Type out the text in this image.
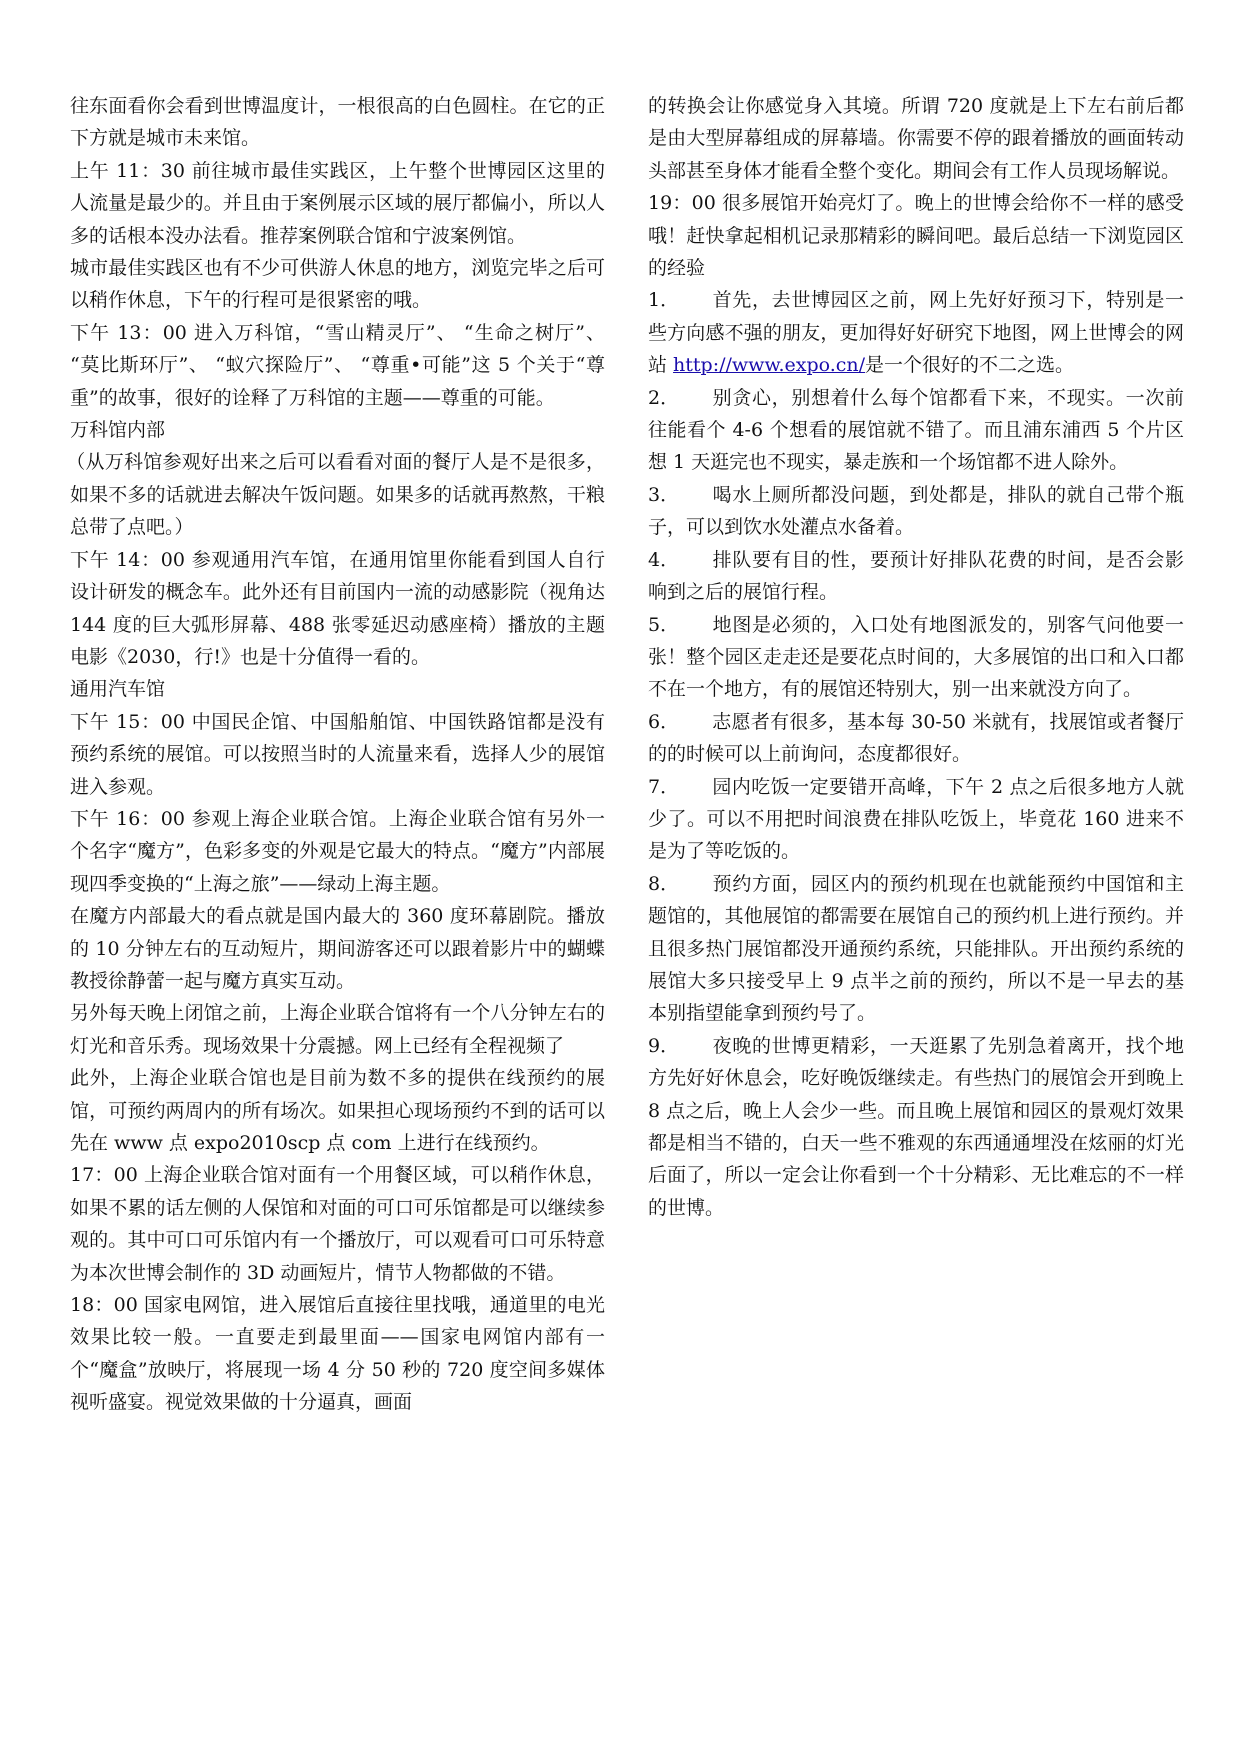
往东面看你会看到世博温度计，一根很高的白色圆柱。在它的正下方就是城市未来馆。

上午 11：30 前往城市最佳实践区，上午整个世博园区这里的人流量是最少的。并且由于案例展示区域的展厅都偏小，所以人多的话根本没办法看。推荐案例联合馆和宁波案例馆。

城市最佳实践区也有不少可供游人休息的地方，浏览完毕之后可以稍作休息，下午的行程可是很紧密的哦。

下午 13：00 进入万科馆，“雪山精灵厅”、 “生命之树厅”、 “莫比斯环厅”、 “蚁穴探险厅”、 “尊重•可能”这 5 个关于“尊重”的故事，很好的诠释了万科馆的主题——尊重的可能。

万科馆内部

（从万科馆参观好出来之后可以看看对面的餐厅人是不是很多，如果不多的话就进去解决午饭问题。如果多的话就再熬熬，干粮总带了点吧。）

下午 14：00 参观通用汽车馆，在通用馆里你能看到国人自行设计研发的概念车。此外还有目前国内一流的动感影院（视角达 144 度的巨大弧形屏幕、488 张零延迟动感座椅）播放的主题电影《2030，行!》也是十分值得一看的。

通用汽车馆

下午 15：00 中国民企馆、中国船舶馆、中国铁路馆都是没有预约系统的展馆。可以按照当时的人流量来看，选择人少的展馆进入参观。

下午 16：00 参观上海企业联合馆。上海企业联合馆有另外一个名字“魔方”，色彩多变的外观是它最大的特点。“魔方”内部展现四季变换的“上海之旅”——绿动上海主题。

在魔方内部最大的看点就是国内最大的 360 度环幕剧院。播放的 10 分钟左右的互动短片，期间游客还可以跟着影片中的蝴蝶教授徐静蕾一起与魔方真实互动。

另外每天晚上闭馆之前，上海企业联合馆将有一个八分钟左右的灯光和音乐秀。现场效果十分震撼。网上已经有全程视频了

此外，上海企业联合馆也是目前为数不多的提供在线预约的展馆，可预约两周内的所有场次。如果担心现场预约不到的话可以先在 www 点 expo2010scp 点 com 上进行在线预约。

17：00 上海企业联合馆对面有一个用餐区域，可以稍作休息，如果不累的话左侧的人保馆和对面的可口可乐馆都是可以继续参观的。其中可口可乐馆内有一个播放厅，可以观看可口可乐特意为本次世博会制作的 3D 动画短片，情节人物都做的不错。

18：00 国家电网馆，进入展馆后直接往里找哦，通道里的电光效果比较一般。一直要走到最里面——国家电网馆内部有一个“魔盒”放映厅，将展现一场 4 分 50 秒的 720 度空间多媒体视听盛宴。视觉效果做的十分逼真，画面

的转换会让你感觉身入其境。所谓 720 度就是上下左右前后都是由大型屏幕组成的屏幕墙。你需要不停的跟着播放的画面转动头部甚至身体才能看全整个变化。期间会有工作人员现场解说。

19：00 很多展馆开始亮灯了。晚上的世博会给你不一样的感受哦！赶快拿起相机记录那精彩的瞬间吧。最后总结一下浏览园区的经验

1． 首先，去世博园区之前，网上先好好预习下，特别是一些方向感不强的朋友，更加得好好研究下地图，网上世博会的网站 http://www.expo.cn/是一个很好的不二之选。

2． 别贪心，别想着什么每个馆都看下来，不现实。一次前往能看个 4-6 个想看的展馆就不错了。而且浦东浦西 5 个片区想 1 天逛完也不现实，暴走族和一个场馆都不进人除外。

3． 喝水上厕所都没问题，到处都是，排队的就自己带个瓶子，可以到饮水处灌点水备着。

4． 排队要有目的性，要预计好排队花费的时间，是否会影响到之后的展馆行程。

5． 地图是必须的，入口处有地图派发的，别客气问他要一张！整个园区走走还是要花点时间的，大多展馆的出口和入口都不在一个地方，有的展馆还特别大，别一出来就没方向了。

6． 志愿者有很多，基本每 30-50 米就有，找展馆或者餐厅的的时候可以上前询问，态度都很好。

7． 园内吃饭一定要错开高峰，下午 2 点之后很多地方人就少了。可以不用把时间浪费在排队吃饭上，毕竟花 160 进来不是为了等吃饭的。

8． 预约方面，园区内的预约机现在也就能预约中国馆和主题馆的，其他展馆的都需要在展馆自己的预约机上进行预约。并且很多热门展馆都没开通预约系统，只能排队。开出预约系统的展馆大多只接受早上 9 点半之前的预约，所以不是一早去的基本别指望能拿到预约号了。

9． 夜晚的世博更精彩，一天逛累了先别急着离开，找个地方先好好休息会，吃好晚饭继续走。有些热门的展馆会开到晚上 8 点之后，晚上人会少一些。而且晚上展馆和园区的景观灯效果都是相当不错的，白天一些不雅观的东西通通埋没在炫丽的灯光后面了，所以一定会让你看到一个十分精彩、无比难忘的不一样的世博。
